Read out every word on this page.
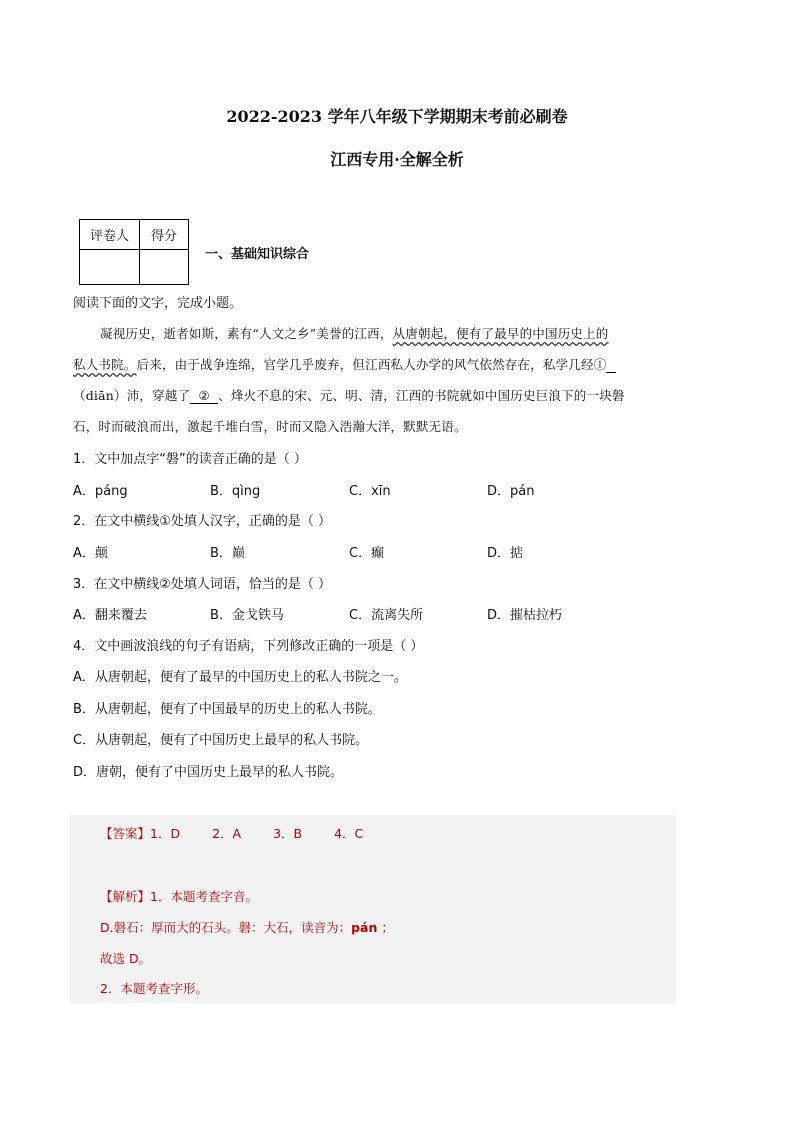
2022-2023 学年八年级下学期期末考前必刷卷
江西专用·全解全析
评卷人	得分

一、基础知识综合
阅读下面的文字，完成小题。
凝视历史，逝者如斯，素有“人文之乡”美誉的江西，从唐朝起，便有了最早的中国历史上的
私人书院。后来，由于战争连绵，官学几乎废弃，但江西私人办学的风气依然存在，私学几经①
（diān）沛，穿越了 ② 、烽火不息的宋、元、明、清，江西的书院就如中国历史巨浪下的一块磐
石，时而破浪而出，激起千堆白雪，时而又隐入浩瀚大洋，默默无语。
1．文中加点字“磐”的读音正确的是（ ）
A．páng	B．qìng	C．xīn	D．pán
2．在文中横线①处填人汉字，正确的是（ ）
A．颠	B．巅	C．癫	D．掂
3．在文中横线②处填人词语，恰当的是（ ）
A．翻来覆去	B．金戈铁马	C．流离失所	D．摧枯拉朽
4．文中画波浪线的句子有语病，下列修改正确的一项是（ ）
A．从唐朝起，便有了最早的中国历史上的私人书院之一。
B．从唐朝起，便有了中国最早的历史上的私人书院。
C．从唐朝起，便有了中国历史上最早的私人书院。
D．唐朝，便有了中国历史上最早的私人书院。
【答案】1．D	2．A	3．B	4．C
【解析】1．本题考查字音。
D.磐石：厚而大的石头。磐：大石，读音为：pán ；
故选 D。
2．本题考查字形。
